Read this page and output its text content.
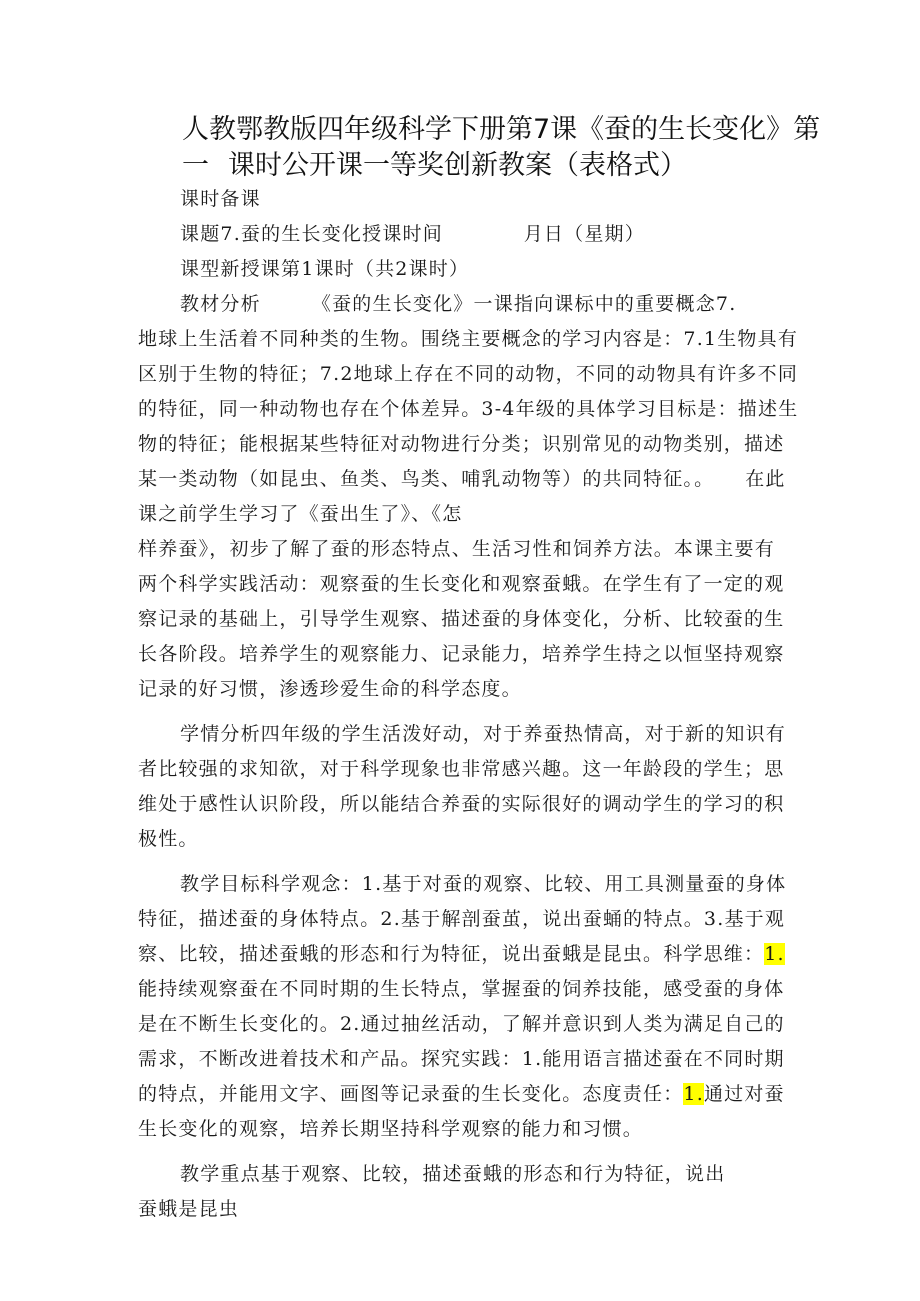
人教鄂教版四年级科学下册第7课《蚕的生长变化》第一 课时公开课一等奖创新教案（表格式）
课时备课
课题7.蚕的生长变化授课时间　　　　月日（星期）
课型新授课第1课时（共2课时）
教材分析　　　《蚕的生长变化》一课指向课标中的重要概念7.
地球上生活着不同种类的生物。围绕主要概念的学习内容是：7.1生物具有
区别于生物的特征；7.2地球上存在不同的动物，不同的动物具有许多不同
的特征，同一种动物也存在个体差异。3-4年级的具体学习目标是：描述生
物的特征；能根据某些特征对动物进行分类；识别常见的动物类别，描述
某一类动物（如昆虫、鱼类、鸟类、哺乳动物等）的共同特征。。　　在此
课之前学生学习了《蚕出生了》、《怎
样养蚕》，初步了解了蚕的形态特点、生活习性和饲养方法。本课主要有
两个科学实践活动：观察蚕的生长变化和观察蚕蛾。在学生有了一定的观
察记录的基础上，引导学生观察、描述蚕的身体变化，分析、比较蚕的生
长各阶段。培养学生的观察能力、记录能力，培养学生持之以恒坚持观察
记录的好习惯，渗透珍爱生命的科学态度。
学情分析四年级的学生活泼好动，对于养蚕热情高，对于新的知识有
者比较强的求知欲，对于科学现象也非常感兴趣。这一年龄段的学生；思
维处于感性认识阶段，所以能结合养蚕的实际很好的调动学生的学习的积
极性。
教学目标科学观念：1.基于对蚕的观察、比较、用工具测量蚕的身体
特征，描述蚕的身体特点。2.基于解剖蚕茧，说出蚕蛹的特点。3.基于观
察、比较，描述蚕蛾的形态和行为特征，说出蚕蛾是昆虫。科学思维：1.
能持续观察蚕在不同时期的生长特点，掌握蚕的饲养技能，感受蚕的身体
是在不断生长变化的。2.通过抽丝活动，了解并意识到人类为满足自己的
需求，不断改进着技术和产品。探究实践：1.能用语言描述蚕在不同时期
的特点，并能用文字、画图等记录蚕的生长变化。态度责任：1.通过对蚕
生长变化的观察，培养长期坚持科学观察的能力和习惯。
教学重点基于观察、比较，描述蚕蛾的形态和行为特征，说出
蚕蛾是昆虫
